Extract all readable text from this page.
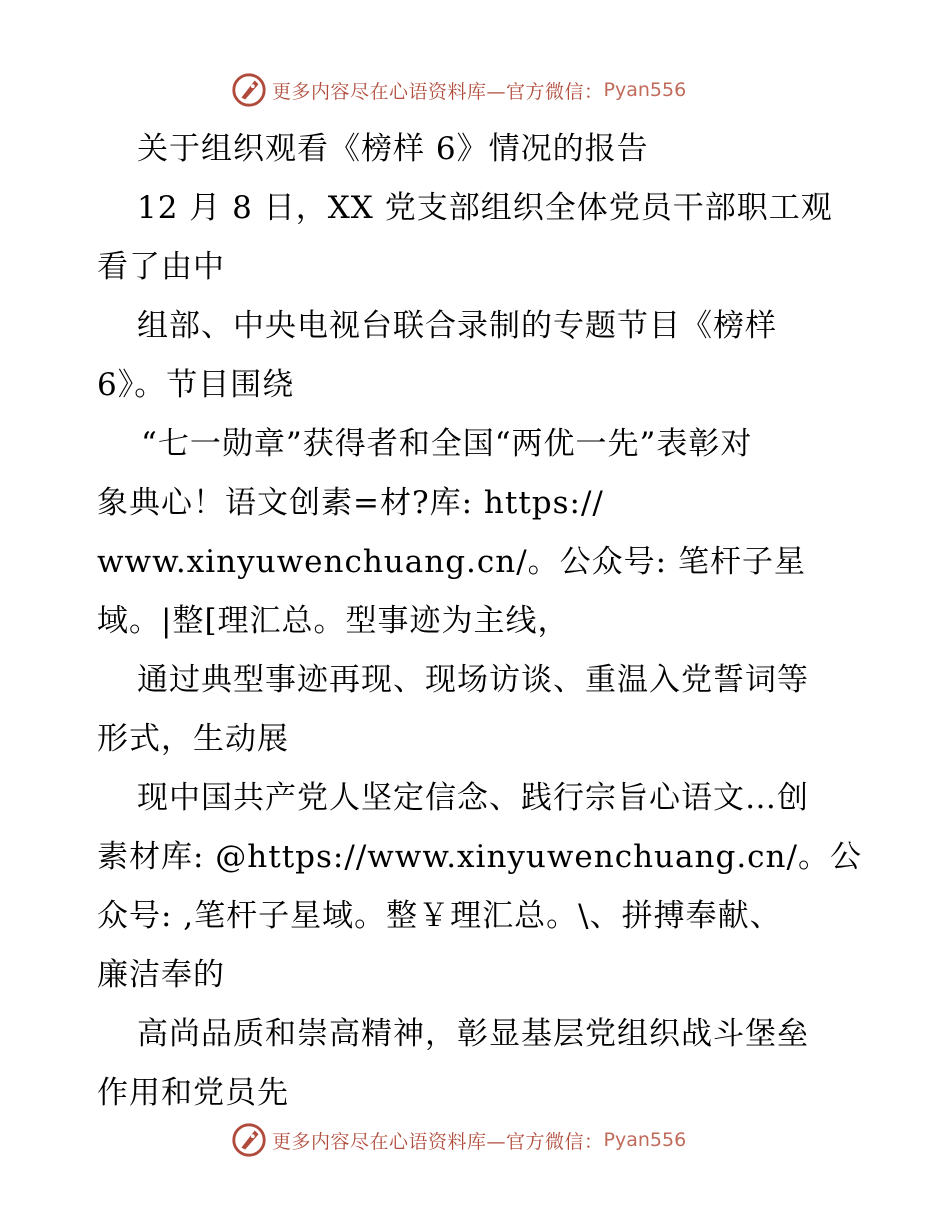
更多内容尽在心语资料库—官方微信： Pyan556
关于组织观看《榜样 6》情况的报告
12 月 8 日，XX 党支部组织全体党员干部职工观
看了由中
组部、中央电视台联合录制的专题节目《榜样
6》。节目围绕
“七一勋章”获得者和全国“两优一先”表彰对
象典心！语文创素=材?库: https://
www.xinyuwenchuang.cn/。公众号: 笔杆子星
域。|整[理汇总。型事迹为主线，
通过典型事迹再现、现场访谈、重温入党誓词等
形式，生动展
现中国共产党人坚定信念、践行宗旨心语文…创
素材库: @https://www.xinyuwenchuang.cn/。公
众号: ,笔杆子星域。整￥理汇总。\、拼搏奉献、
廉洁奉的
高尚品质和崇高精神，彰显基层党组织战斗堡垒
作用和党员先
更多内容尽在心语资料库—官方微信： Pyan556
